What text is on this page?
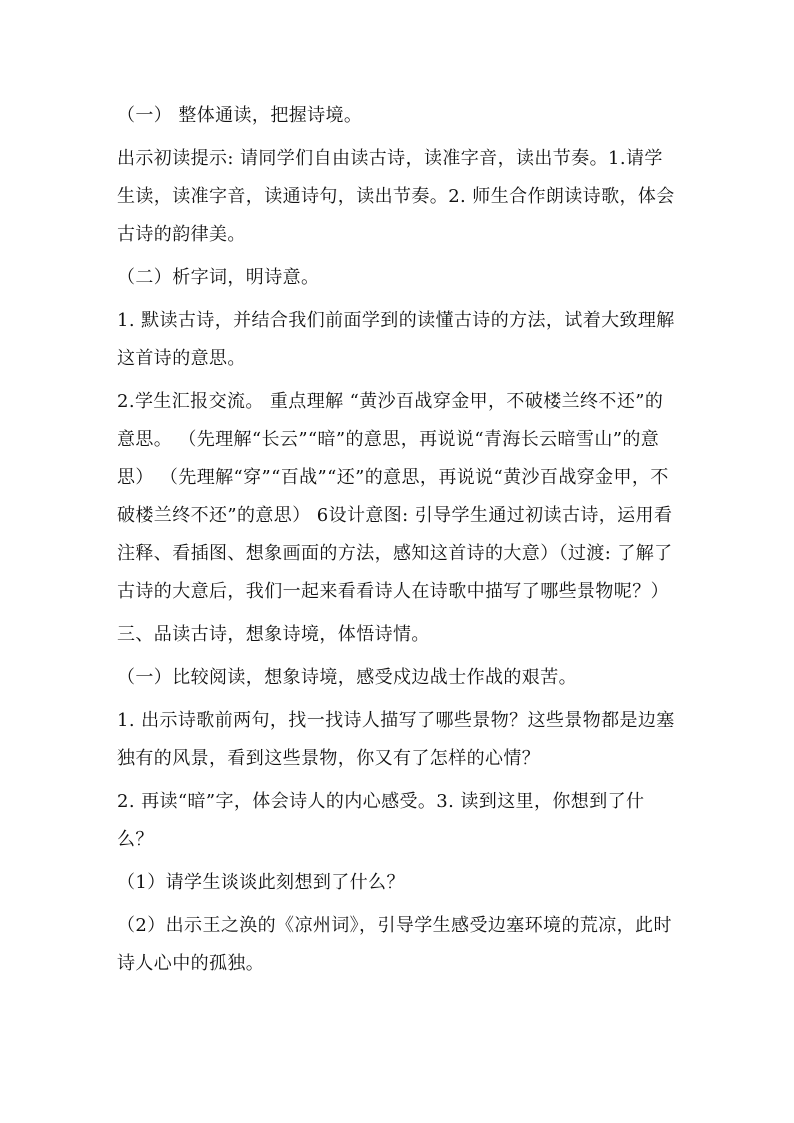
（一） 整体通读，把握诗境。

出示初读提示: 请同学们自由读古诗，读准字音，读出节奏。1.请学生读，读准字音，读通诗句，读出节奏。2. 师生合作朗读诗歌，体会古诗的韵律美。

（二）析字词，明诗意。

1. 默读古诗，并结合我们前面学到的读懂古诗的方法，试着大致理解这首诗的意思。

2.学生汇报交流。 重点理解 “黄沙百战穿金甲，不破楼兰终不还”的意思。 （先理解“长云”“暗”的意思，再说说“青海长云暗雪山”的意思） （先理解“穿”“百战”“还”的意思，再说说“黄沙百战穿金甲，不破楼兰终不还”的意思） 6设计意图: 引导学生通过初读古诗，运用看注释、看插图、想象画面的方法，感知这首诗的大意）（过渡: 了解了古诗的大意后，我们一起来看看诗人在诗歌中描写了哪些景物呢？）

三、品读古诗，想象诗境，体悟诗情。

（一）比较阅读，想象诗境，感受戍边战士作战的艰苦。

1. 出示诗歌前两句，找一找诗人描写了哪些景物？这些景物都是边塞独有的风景，看到这些景物，你又有了怎样的心情？

2. 再读“暗”字，体会诗人的内心感受。3. 读到这里，你想到了什么？

（1）请学生谈谈此刻想到了什么？

（2）出示王之涣的《凉州词》，引导学生感受边塞环境的荒凉，此时诗人心中的孤独。
